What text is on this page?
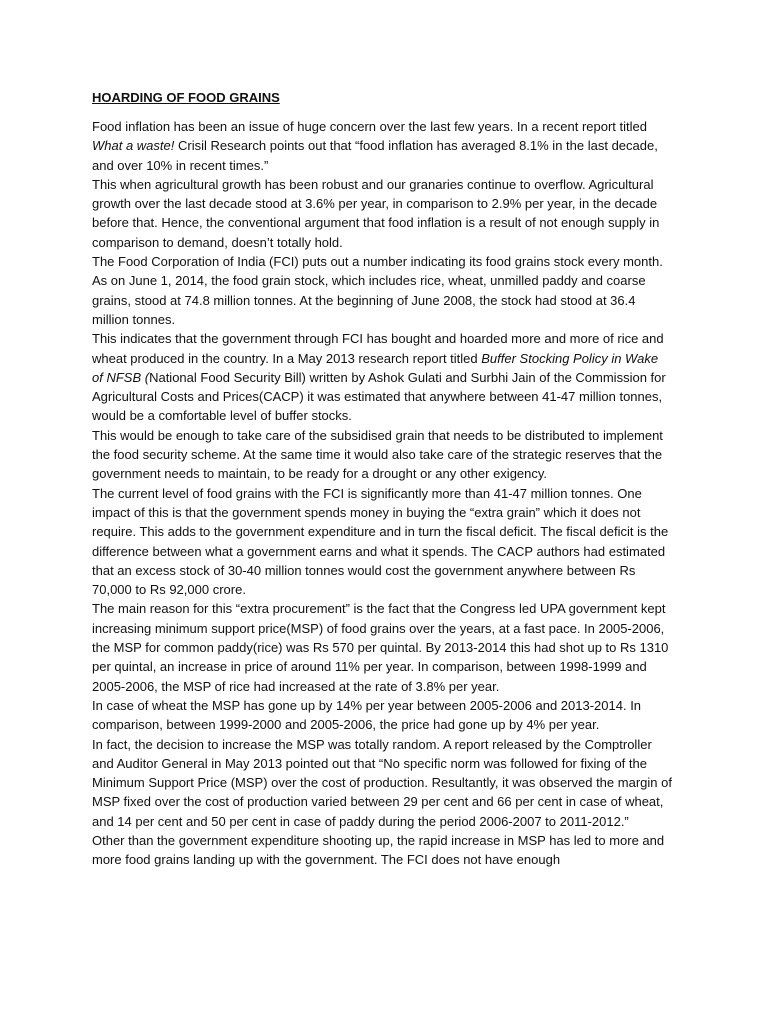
HOARDING OF FOOD GRAINS

Food inflation has been an issue of huge concern over the last few years. In a recent report titled What a waste! Crisil Research points out that “food inflation has averaged 8.1% in the last decade, and over 10% in recent times.”

This when agricultural growth has been robust and our granaries continue to overflow. Agricultural growth over the last decade stood at 3.6% per year, in comparison to 2.9% per year, in the decade before that. Hence, the conventional argument that food inflation is a result of not enough supply in comparison to demand, doesn’t totally hold.

The Food Corporation of India (FCI) puts out a number indicating its food grains stock every month. As on June 1, 2014, the food grain stock, which includes rice, wheat, unmilled paddy and coarse grains, stood at 74.8 million tonnes. At the beginning of June 2008, the stock had stood at 36.4 million tonnes.

This indicates that the government through FCI has bought and hoarded more and more of rice and wheat produced in the country. In a May 2013 research report titled Buffer Stocking Policy in Wake of NFSB (National Food Security Bill) written by Ashok Gulati and Surbhi Jain of the Commission for Agricultural Costs and Prices(CACP) it was estimated that anywhere between 41-47 million tonnes, would be a comfortable level of buffer stocks.

This would be enough to take care of the subsidised grain that needs to be distributed to implement the food security scheme. At the same time it would also take care of the strategic reserves that the government needs to maintain, to be ready for a drought or any other exigency.

The current level of food grains with the FCI is significantly more than 41-47 million tonnes. One impact of this is that the government spends money in buying the “extra grain” which it does not require. This adds to the government expenditure and in turn the fiscal deficit. The fiscal deficit is the difference between what a government earns and what it spends. The CACP authors had estimated that an excess stock of 30-40 million tonnes would cost the government anywhere between Rs 70,000 to Rs 92,000 crore.

The main reason for this “extra procurement” is the fact that the Congress led UPA government kept increasing minimum support price(MSP) of food grains over the years, at a fast pace. In 2005-2006, the MSP for common paddy(rice) was Rs 570 per quintal. By 2013-2014 this had shot up to Rs 1310 per quintal, an increase in price of around 11% per year. In comparison, between 1998-1999 and 2005-2006, the MSP of rice had increased at the rate of 3.8% per year.

In case of wheat the MSP has gone up by 14% per year between 2005-2006 and 2013-2014. In comparison, between 1999-2000 and 2005-2006, the price had gone up by 4% per year.

In fact, the decision to increase the MSP was totally random. A report released by the Comptroller and Auditor General in May 2013 pointed out that “No specific norm was followed for fixing of the Minimum Support Price (MSP) over the cost of production. Resultantly, it was observed the margin of MSP fixed over the cost of production varied between 29 per cent and 66 per cent in case of wheat, and 14 per cent and 50 per cent in case of paddy during the period 2006-2007 to 2011-2012.”

Other than the government expenditure shooting up, the rapid increase in MSP has led to more and more food grains landing up with the government. The FCI does not have enough
